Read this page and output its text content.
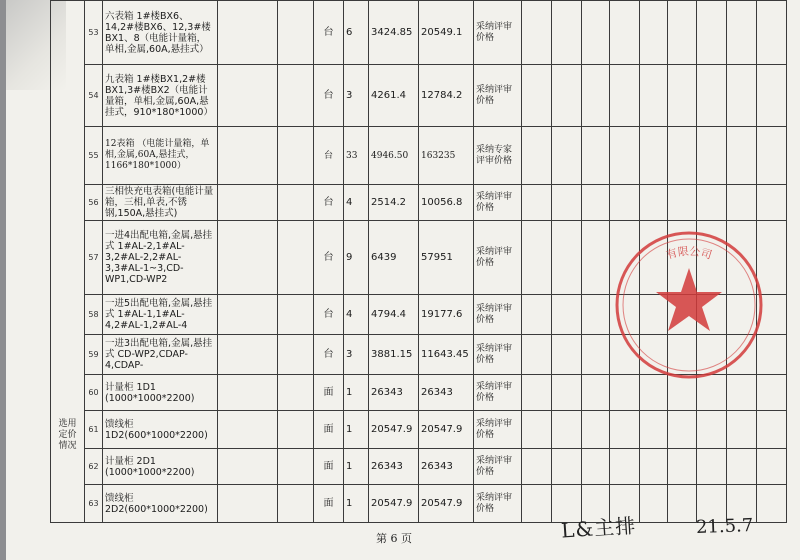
选用
定价
情况	53	六表箱 1#楼BX6、14,2#楼BX6、12,3#楼BX1、8（电能计量箱，单相,金属,60A,悬挂式）			台	6	3424.85	20549.1	采纳评审价格									
	54	九表箱 1#楼BX1,2#楼BX1,3#楼BX2（电能计量箱，单相,金属,60A,悬挂式，910*180*1000）			台	3	4261.4	12784.2	采纳评审价格									
	55	12表箱 （电能计量箱，单相,金属,60A,悬挂式，1166*180*1000）			台	33	4946.50	163235	采纳专家评审价格									
	56	三相快充电表箱(电能计量箱，三相,单表,不锈钢,150A,悬挂式)			台	4	2514.2	10056.8	采纳评审价格									
	57	一进4出配电箱,金属,悬挂式 1#AL-2,1#AL-3,2#AL-2,2#AL-3,3#AL-1~3,CD-WP1,CD-WP2			台	9	6439	57951	采纳评审价格									
	58	一进5出配电箱,金属,悬挂式 1#AL-1,1#AL-4,2#AL-1,2#AL-4			台	4	4794.4	19177.6	采纳评审价格									
	59	一进3出配电箱,金属,悬挂式 CD-WP2,CDAP-4,CDAP-			台	3	3881.15	11643.45	采纳评审价格									
	60	计量柜 1D1 (1000*1000*2200)			面	1	26343	26343	采纳评审价格									
	61	馈线柜 1D2(600*1000*2200)			面	1	20547.9	20547.9	采纳评审价格									
	62	计量柜 2D1 (1000*1000*2200)			面	1	26343	26343	采纳评审价格									
	63	馈线柜 2D2(600*1000*2200)			面	1	20547.9	20547.9	采纳评审价格									
有限公司
第 6 页	L&主排	21.5.7
